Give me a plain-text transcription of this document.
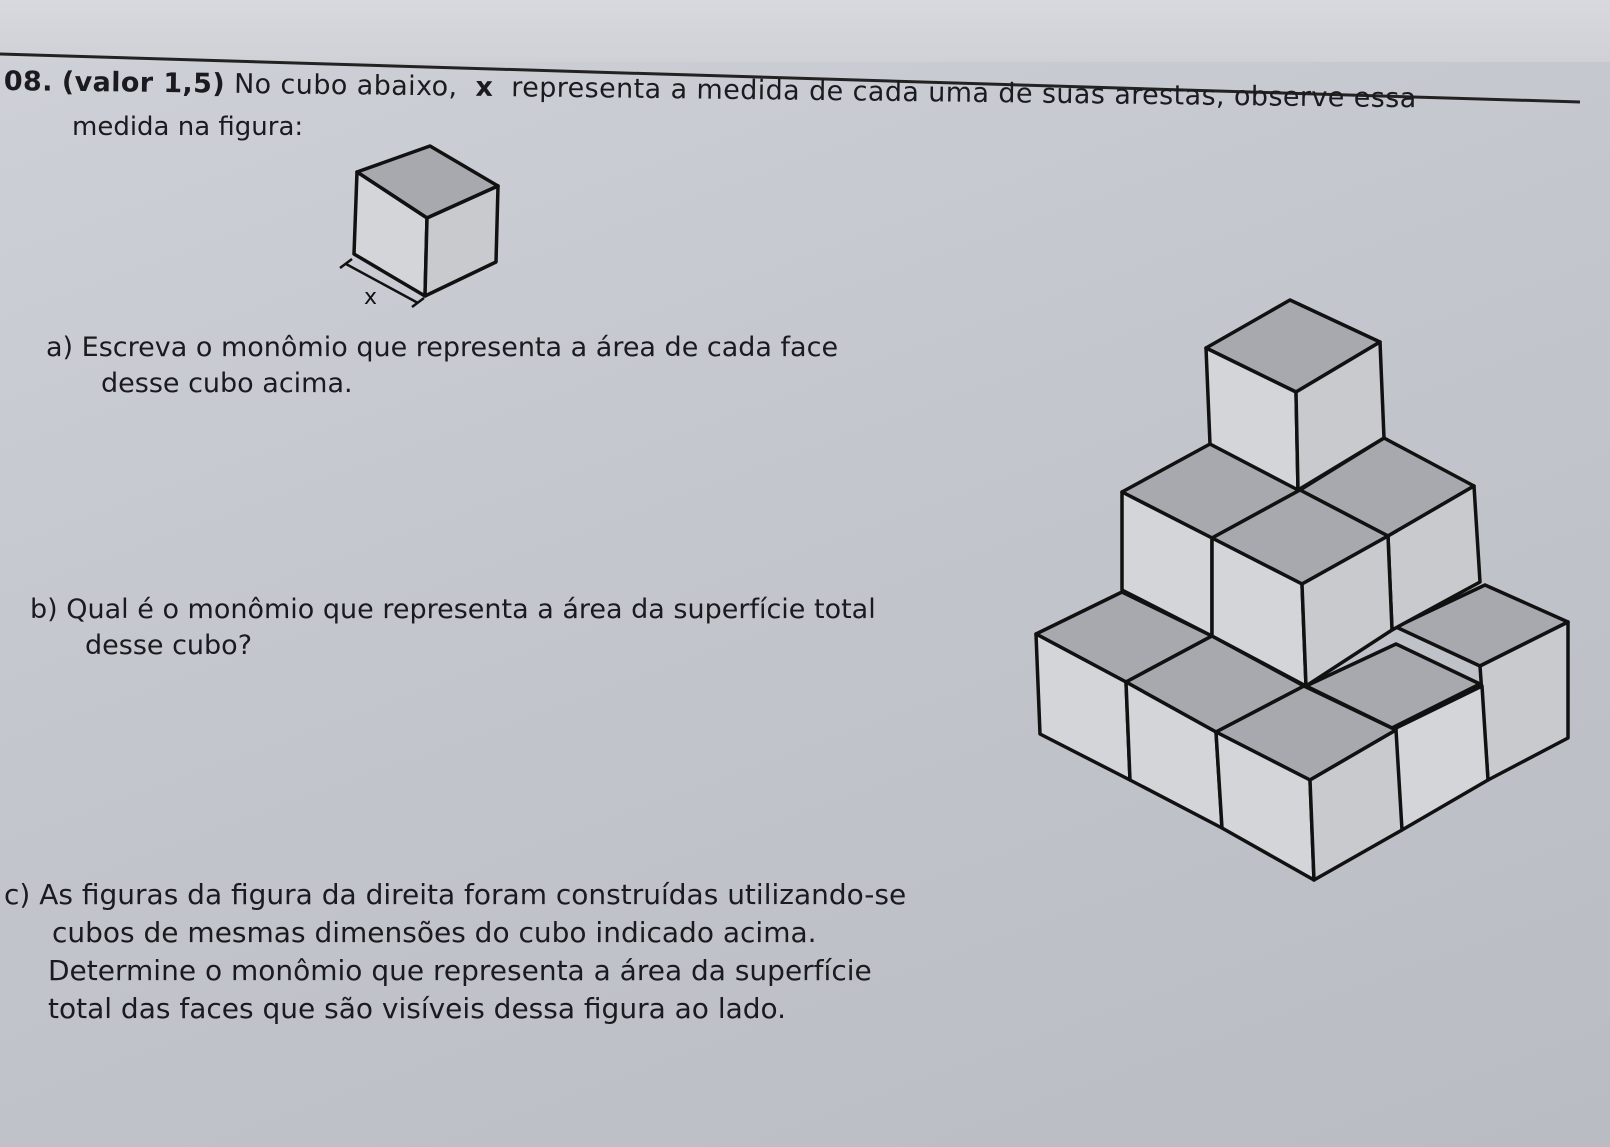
08. (valor 1,5) No cubo abaixo, x representa a medida de cada uma de suas arestas, observe essa

medida na figura:

x

a) Escreva o monômio que representa a área de cada face
desse cubo acima.

b) Qual é o monômio que representa a área da superfície total
desse cubo?

c) As figuras da figura da direita foram construídas utilizando-se
cubos de mesmas dimensões do cubo indicado acima.
Determine o monômio que representa a área da superfície
total das faces que são visíveis dessa figura ao lado.
